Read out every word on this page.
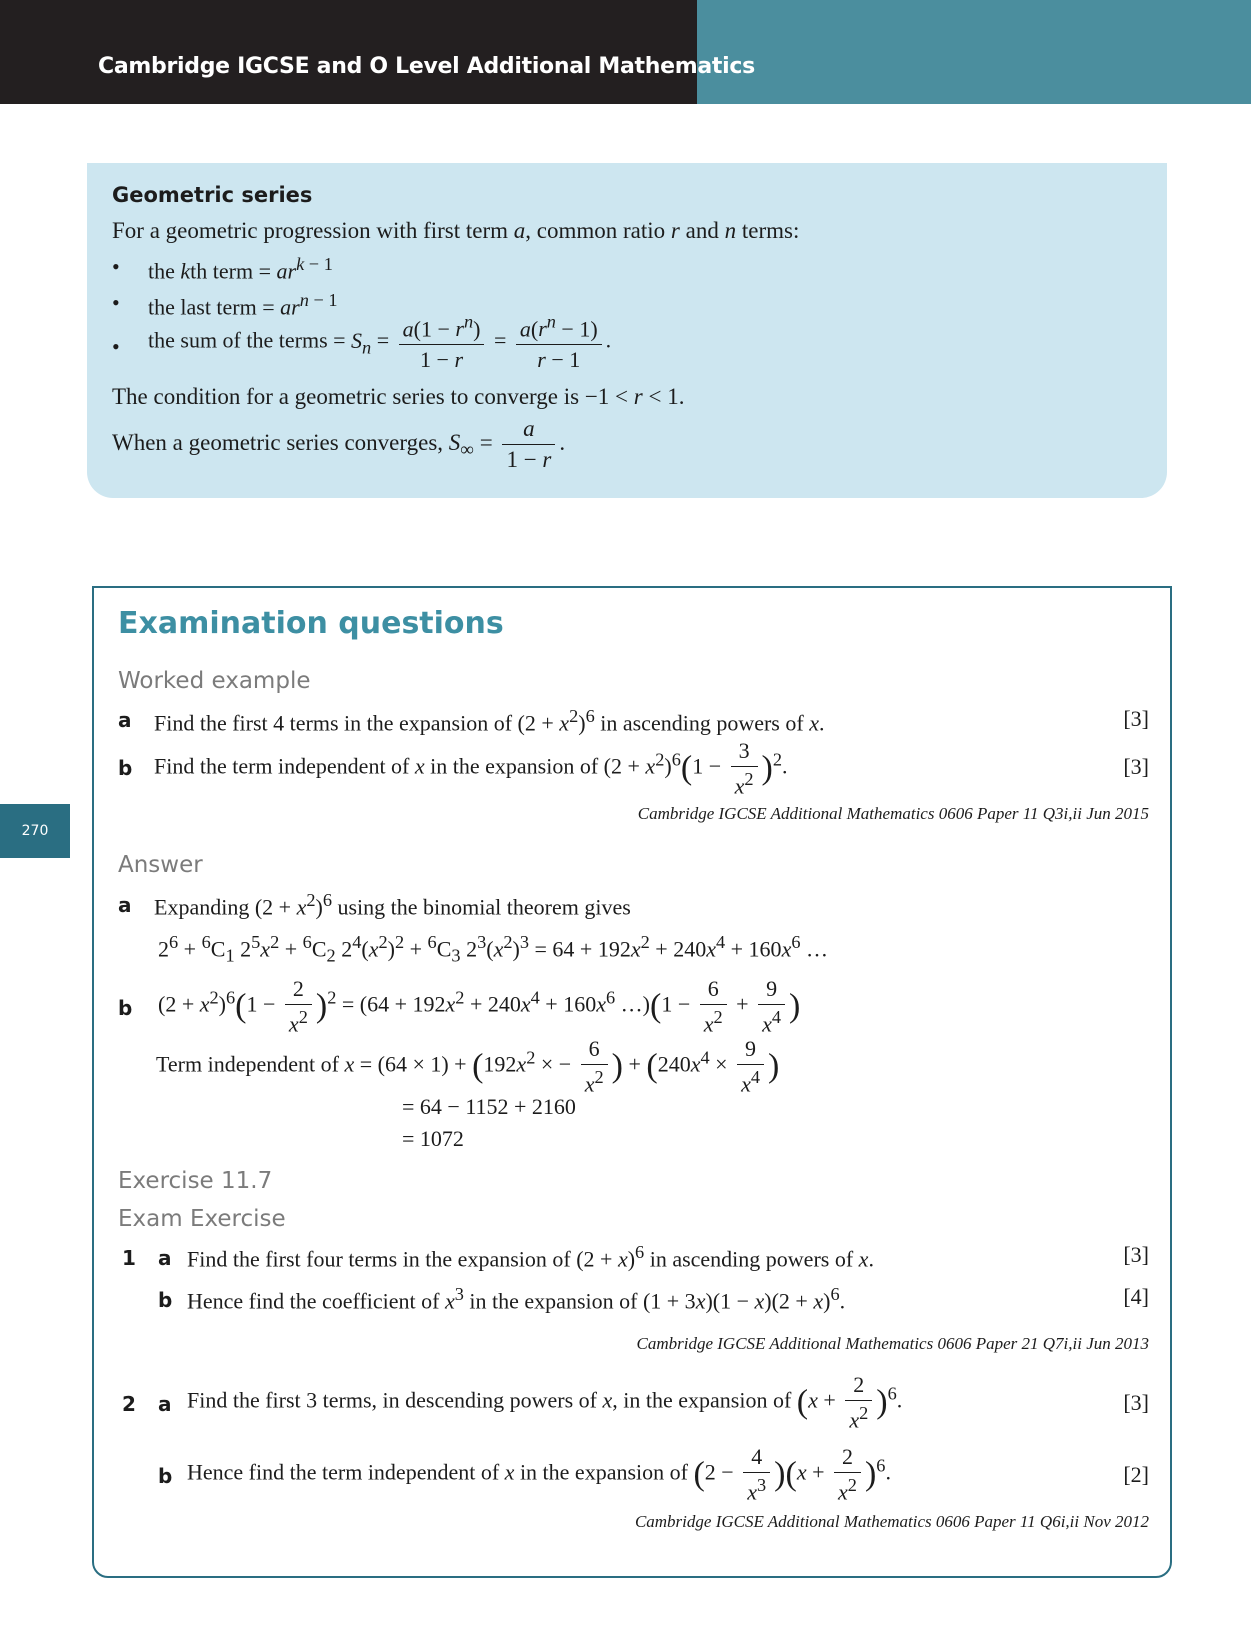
Cambridge IGCSE and O Level Additional Mathematics
270
Geometric series
For a geometric progression with first term a, common ratio r and n terms:
• the kth term = $ar^{k - 1}$
• the last term = $ar^{n - 1}$
• the sum of the terms = $S_n = \frac{a(1 - r^n)}{1 - r} = \frac{a(r^n - 1)}{r - 1}$ .
The condition for a geometric series to converge is −1 < r < 1.
When a geometric series converges, $S_\infty = \frac{a}{1 - r}$ .
Examination questions
Worked example
a Find the first 4 terms in the expansion of $(2 + x^2)^6$ in ascending powers of x.	[3]
b Find the term independent of x in the expansion of $(2 + x^2)^6(1 - \frac{3}{x^2} )^2$.	[3]
Cambridge IGCSE Additional Mathematics 0606 Paper 11 Q3i,ii Jun 2015
Answer
a Expanding $(2 + x^2)^6$ using the binomial theorem gives
$2^6 + ^6C_1$ $2^5x^2 + ^6C_2$ $2^4(x^2)^2 + ^6C_3$ $2^3(x^2)^3 = 64 + 192x^2 + 240x^4 + 160x^6$ …
b $(2 + x^2)^6(1 - \frac{2}{x^2} )^2 = (64 + 192x^2 + 240x^4 + 160x^6$ …)(1 − $\frac{6}{x^2} + \frac{9}{x^4}$ )
Term independent of $x = (64 \times 1) + (192x^2$ × − $\frac{6}{x^2}$ ) + ($240x^4 \times \frac{9}{x^4}$ )
= 64 − 1152 + 2160
= 1072
Exercise 11.7
Exam Exercise
1 a Find the first four terms in the expansion of $(2 + x)^6$ in ascending powers of x.	[3]
b Hence find the coefficient of $x^3$ in the expansion of $(1 + 3x)(1 - x)(2 + x)^6$.	[4]
Cambridge IGCSE Additional Mathematics 0606 Paper 21 Q7i,ii Jun 2013
2 a Find the first 3 terms, in descending powers of x, in the expansion of $(x + \frac{2}{x^2} )^6$.	[3]
b Hence find the term independent of x in the expansion of $(2 - \frac{4}{x^3} )(x + \frac{2}{x^2} )^6$.	[2]
Cambridge IGCSE Additional Mathematics 0606 Paper 11 Q6i,ii Nov 2012
